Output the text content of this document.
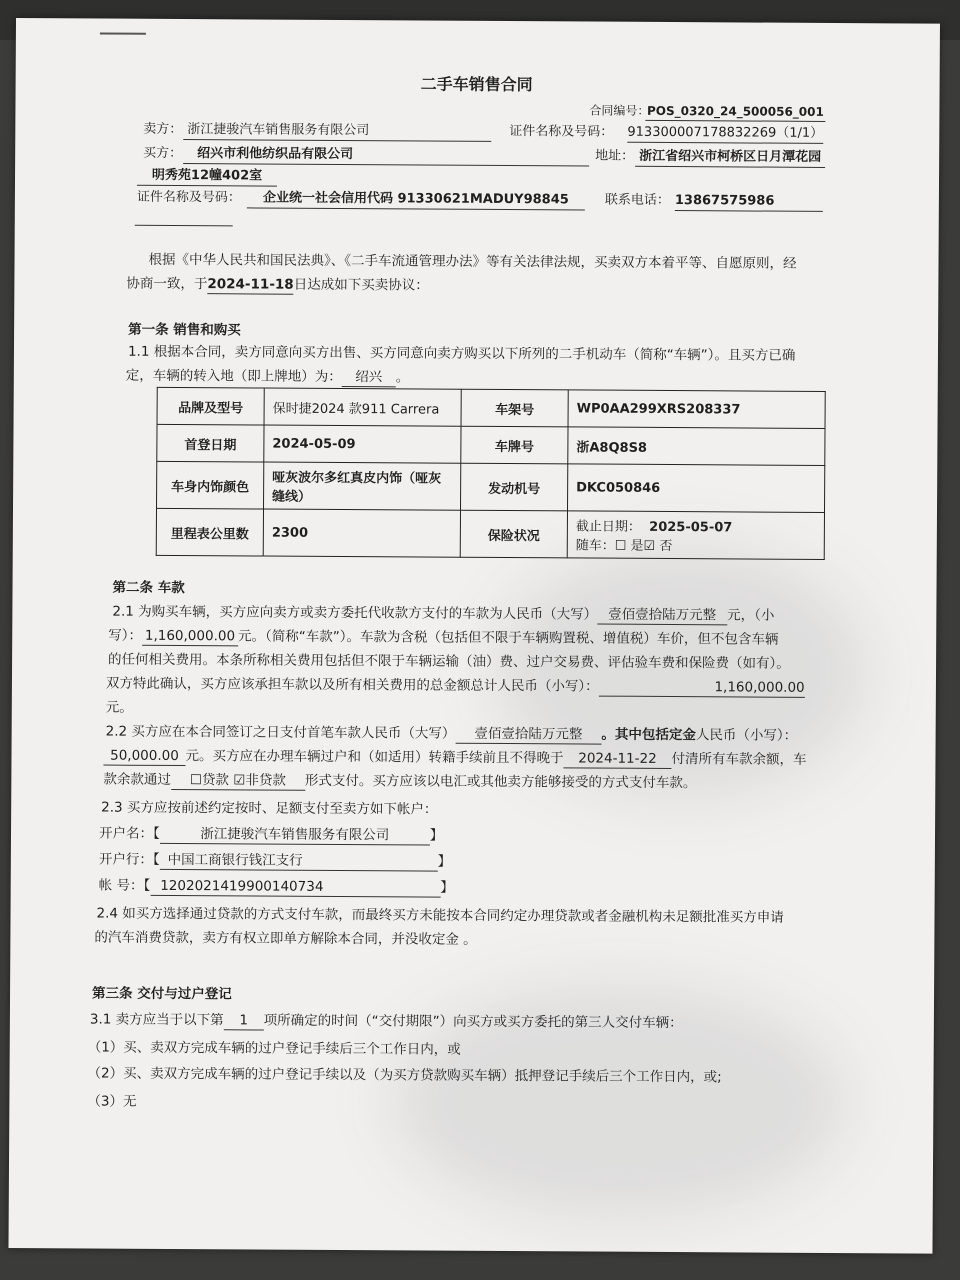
二手车销售合同
合同编号：
POS_0320_24_500056_001
卖方： 浙江捷骏汽车销售服务有限公司	证件名称及号码： 913300007178832269（1/1）
买方：	绍兴市利他纺织品有限公司	地址： 浙江省绍兴市柯桥区日月潭花园
明秀苑12幢402室
证件名称及号码：	企业统一社会信用代码 91330621MADUY98845	联系电话： 13867575986
根据《中华人民共和国民法典》、《二手车流通管理办法》等有关法律法规，买卖双方本着平等、自愿原则，经
协商一致，于2024-11-18日达成如下买卖协议：
第一条 销售和购买
1.1 根据本合同，卖方同意向买方出售、买方同意向卖方购买以下所列的二手机动车（简称“车辆”）。且买方已确
定，车辆的转入地（即上牌地）为： 绍兴 。
品牌及型号	保时捷2024 款911 Carrera	车架号	WP0AA299XRS208337
首登日期	2024-05-09	车牌号	浙A8Q8S8
车身内饰颜色	哑灰波尔多红真皮内饰（哑灰
缝线）	发动机号	DKC050846
里程表公里数	2300	保险状况	截止日期： 2025-05-07
随车：☐ 是☑ 否
第二条 车款
2.1 为购买车辆，买方应向卖方或卖方委托代收款方支付的车款为人民币（大写） 壹佰壹拾陆万元整 元，（小
写）： 1,160,000.00 元。（简称“车款”）。车款为含税（包括但不限于车辆购置税、增值税）车价，但不包含车辆
的任何相关费用。本条所称相关费用包括但不限于车辆运输（油）费、过户交易费、评估验车费和保险费（如有）。
双方特此确认，买方应该承担车款以及所有相关费用的总金额总计人民币（小写）：	1,160,000.00
元。
2.2 买方应在本合同签订之日支付首笔车款人民币（大写） 壹佰壹拾陆万元整 。其中包括定金人民币（小写）：
50,000.00 元。买方应在办理车辆过户和（如适用）转籍手续前且不得晚于 2024-11-22 付清所有车款余额，车
款余款通过 ☐贷款 ☑非贷款 形式支付。买方应该以电汇或其他卖方能够接受的方式支付车款。
2.3 买方应按前述约定按时、足额支付至卖方如下帐户：
开户名：【	浙江捷骏汽车销售服务有限公司	】
开户行：【 中国工商银行钱江支行	】
帐 号：【 1202021419900140734	】
2.4 如买方选择通过贷款的方式支付车款，而最终买方未能按本合同约定办理贷款或者金融机构未足额批准买方申请
的汽车消费贷款，卖方有权立即单方解除本合同，并没收定金 。
第三条 交付与过户登记
3.1 卖方应当于以下第 1 项所确定的时间（“交付期限”）向买方或买方委托的第三人交付车辆：
（1）买、卖双方完成车辆的过户登记手续后三个工作日内，或
（2）买、卖双方完成车辆的过户登记手续以及（为买方贷款购买车辆）抵押登记手续后三个工作日内，或;
（3）无
